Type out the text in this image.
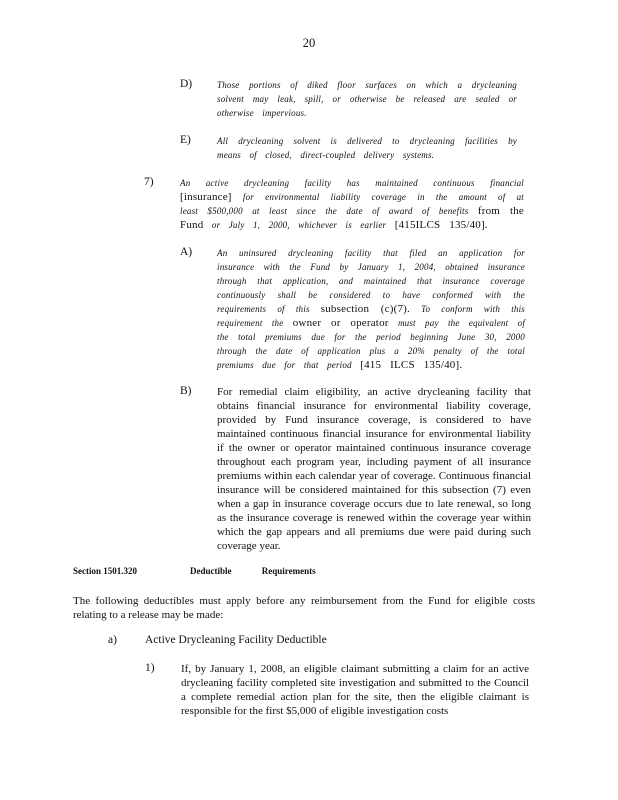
20
D)	Those portions of diked floor surfaces on which a drycleaning solvent may leak, spill, or otherwise be released are sealed or otherwise impervious.
E)	All drycleaning solvent is delivered to drycleaning facilities by means of closed, direct-coupled delivery systems.
7)	An active drycleaning facility has maintained continuous financial [insurance] for environmental liability coverage in the amount of at least $500,000 at least since the date of award of benefits from the Fund or July 1, 2000, whichever is earlier [415ILCS 135/40].
A)	An uninsured drycleaning facility that filed an application for insurance with the Fund by January 1, 2004, obtained insurance through that application, and maintained that insurance coverage continuously shall be considered to have conformed with the requirements of this subsection (c)(7). To conform with this requirement the owner or operator must pay the equivalent of the total premiums due for the period beginning June 30, 2000 through the date of application plus a 20% penalty of the total premiums due for that period [415 ILCS 135/40].
B) For remedial claim eligibility, an active drycleaning facility that obtains financial insurance for environmental liability coverage, provided by Fund insurance coverage, is considered to have maintained continuous financial insurance for environmental liability if the owner or operator maintained continuous insurance coverage throughout each program year, including payment of all insurance premiums within each calendar year of coverage. Continuous financial insurance will be considered maintained for this subsection (7) even when a gap in insurance coverage occurs due to late renewal, so long as the insurance coverage is renewed within the coverage year within which the gap appears and all premiums due were paid during such coverage year.
Section 1501.320	Deductible Requirements
The following deductibles must apply before any reimbursement from the Fund for eligible costs relating to a release may be made:
a) Active Drycleaning Facility Deductible
1) If, by January 1, 2008, an eligible claimant submitting a claim for an active drycleaning facility completed site investigation and submitted to the Council a complete remedial action plan for the site, then the eligible claimant is responsible for the first $5,000 of eligible investigation costs
